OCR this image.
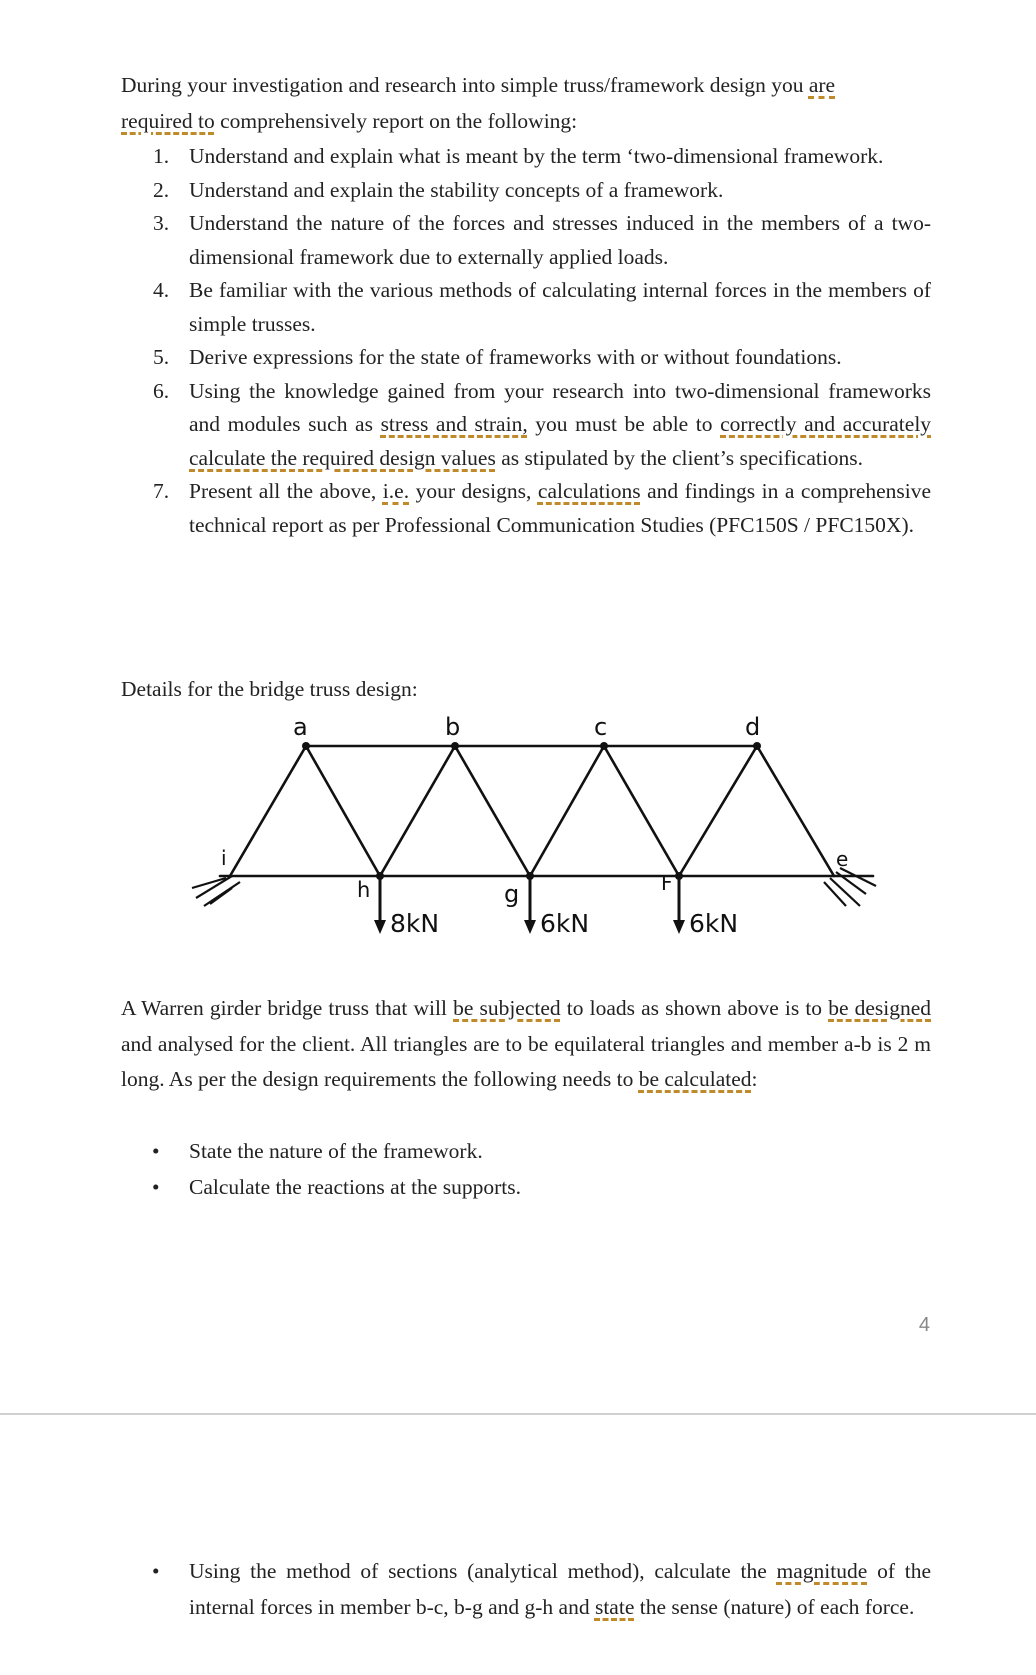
During your investigation and research into simple truss/framework design you are
required to comprehensively report on the following:
1. Understand and explain what is meant by the term ‘two-dimensional framework.
2. Understand and explain the stability concepts of a framework.
3. Understand the nature of the forces and stresses induced in the members of a two-dimensional framework due to externally applied loads.
4. Be familiar with the various methods of calculating internal forces in the members of simple trusses.
5. Derive expressions for the state of frameworks with or without foundations.
6. Using the knowledge gained from your research into two-dimensional frameworks and modules such as stress and strain, you must be able to correctly and accurately calculate the required design values as stipulated by the client’s specifications.
7. Present all the above, i.e. your designs, calculations and findings in a comprehensive technical report as per Professional Communication Studies (PFC150S / PFC150X).
Details for the bridge truss design:
a	b	c	d
e
F
g
h
i
8kN	6kN	6kN
A Warren girder bridge truss that will be subjected to loads as shown above is to be designed and analysed for the client. All triangles are to be equilateral triangles and member a-b is 2 m long. As per the design requirements the following needs to be calculated:
• State the nature of the framework.
• Calculate the reactions at the supports.
4
• Using the method of sections (analytical method), calculate the magnitude of the internal forces in member b-c, b-g and g-h and state the sense (nature) of each force.
